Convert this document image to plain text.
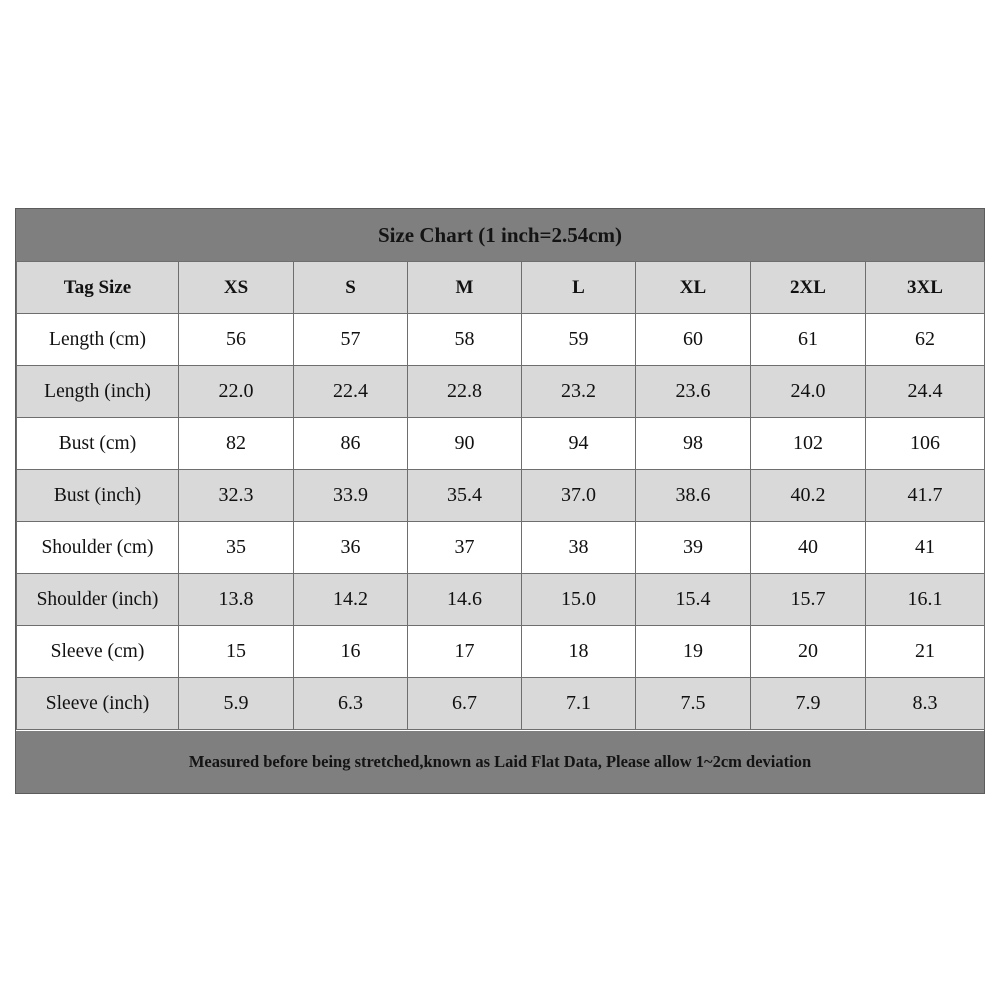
Size Chart (1 inch=2.54cm)
Tag Size	XS	S	M	L	XL	2XL	3XL
Length (cm)	56	57	58	59	60	61	62
Length (inch)	22.0	22.4	22.8	23.2	23.6	24.0	24.4
Bust (cm)	82	86	90	94	98	102	106
Bust (inch)	32.3	33.9	35.4	37.0	38.6	40.2	41.7
Shoulder (cm)	35	36	37	38	39	40	41
Shoulder (inch)	13.8	14.2	14.6	15.0	15.4	15.7	16.1
Sleeve (cm)	15	16	17	18	19	20	21
Sleeve (inch)	5.9	6.3	6.7	7.1	7.5	7.9	8.3
Measured before being stretched,known as Laid Flat Data, Please allow 1~2cm deviation
